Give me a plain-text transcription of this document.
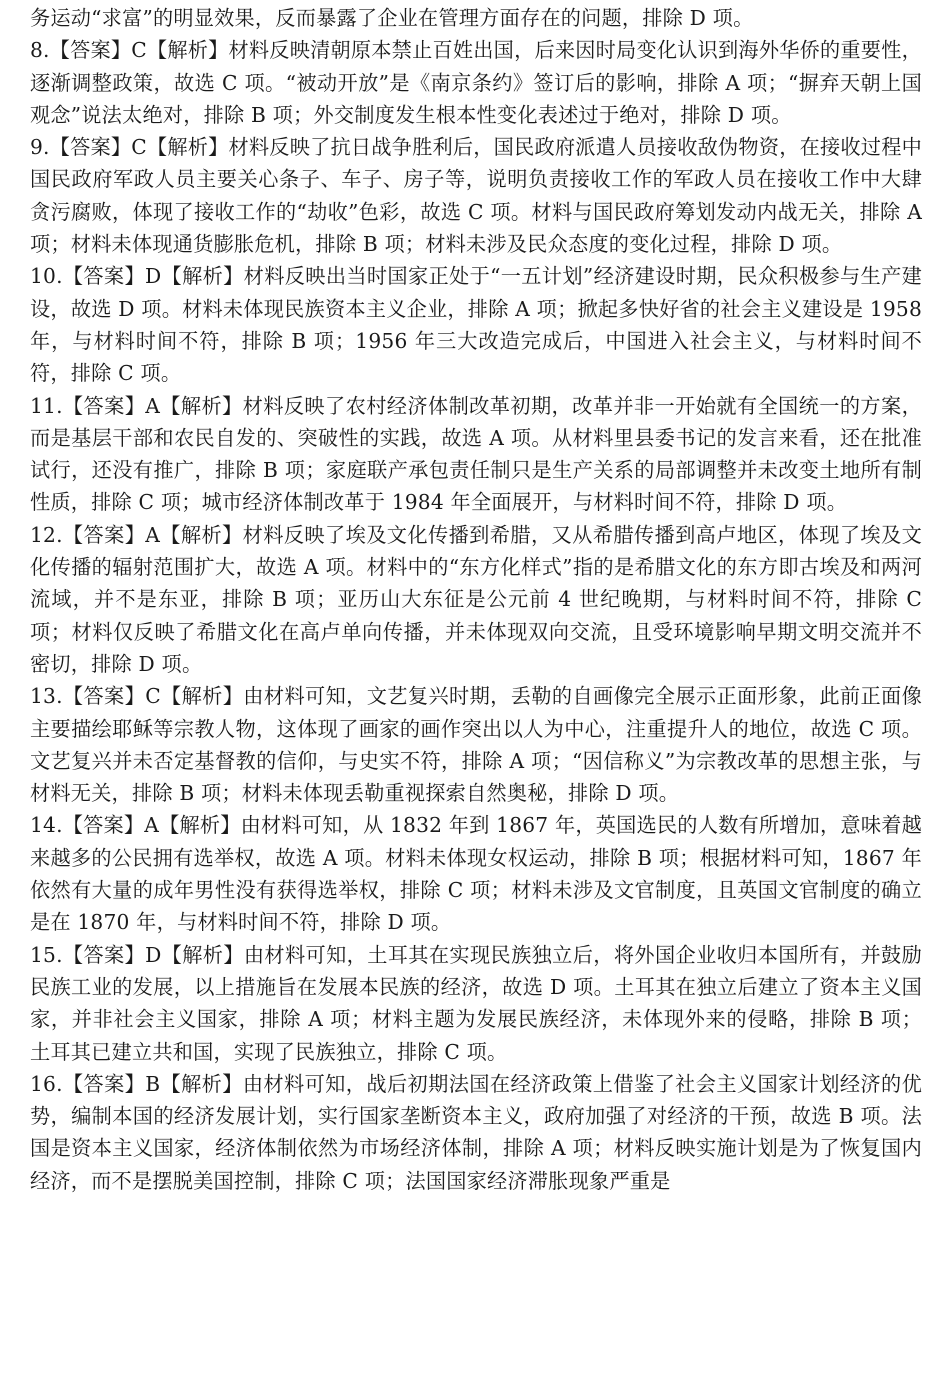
务运动“求富”的明显效果，反而暴露了企业在管理方面存在的问题，排除 D 项。

8.【答案】C【解析】材料反映清朝原本禁止百姓出国，后来因时局变化认识到海外华侨的重要性，逐渐调整政策，故选 C 项。“被动开放”是《南京条约》签订后的影响，排除 A 项；“摒弃天朝上国观念”说法太绝对，排除 B 项；外交制度发生根本性变化表述过于绝对，排除 D 项。

9.【答案】C【解析】材料反映了抗日战争胜利后，国民政府派遣人员接收敌伪物资，在接收过程中国民政府军政人员主要关心条子、车子、房子等，说明负责接收工作的军政人员在接收工作中大肆贪污腐败，体现了接收工作的“劫收”色彩，故选 C 项。材料与国民政府筹划发动内战无关，排除 A 项；材料未体现通货膨胀危机，排除 B 项；材料未涉及民众态度的变化过程，排除 D 项。

10.【答案】D【解析】材料反映出当时国家正处于“一五计划”经济建设时期，民众积极参与生产建设，故选 D 项。材料未体现民族资本主义企业，排除 A 项；掀起多快好省的社会主义建设是 1958 年，与材料时间不符，排除 B 项；1956 年三大改造完成后，中国进入社会主义，与材料时间不符，排除 C 项。

11.【答案】A【解析】材料反映了农村经济体制改革初期，改革并非一开始就有全国统一的方案，而是基层干部和农民自发的、突破性的实践，故选 A 项。从材料里县委书记的发言来看，还在批准试行，还没有推广，排除 B 项；家庭联产承包责任制只是生产关系的局部调整并未改变土地所有制性质，排除 C 项；城市经济体制改革于 1984 年全面展开，与材料时间不符，排除 D 项。

12.【答案】A【解析】材料反映了埃及文化传播到希腊，又从希腊传播到高卢地区，体现了埃及文化传播的辐射范围扩大，故选 A 项。材料中的“东方化样式”指的是希腊文化的东方即古埃及和两河流域，并不是东亚，排除 B 项；亚历山大东征是公元前 4 世纪晚期，与材料时间不符，排除 C 项；材料仅反映了希腊文化在高卢单向传播，并未体现双向交流，且受环境影响早期文明交流并不密切，排除 D 项。

13.【答案】C【解析】由材料可知，文艺复兴时期，丢勒的自画像完全展示正面形象，此前正面像主要描绘耶稣等宗教人物，这体现了画家的画作突出以人为中心，注重提升人的地位，故选 C 项。文艺复兴并未否定基督教的信仰，与史实不符，排除 A 项；“因信称义”为宗教改革的思想主张，与材料无关，排除 B 项；材料未体现丢勒重视探索自然奥秘，排除 D 项。

14.【答案】A【解析】由材料可知，从 1832 年到 1867 年，英国选民的人数有所增加，意味着越来越多的公民拥有选举权，故选 A 项。材料未体现女权运动，排除 B 项；根据材料可知，1867 年依然有大量的成年男性没有获得选举权，排除 C 项；材料未涉及文官制度，且英国文官制度的确立是在 1870 年，与材料时间不符，排除 D 项。

15.【答案】D【解析】由材料可知，土耳其在实现民族独立后，将外国企业收归本国所有，并鼓励民族工业的发展，以上措施旨在发展本民族的经济，故选 D 项。土耳其在独立后建立了资本主义国家，并非社会主义国家，排除 A 项；材料主题为发展民族经济，未体现外来的侵略，排除 B 项；土耳其已建立共和国，实现了民族独立，排除 C 项。

16.【答案】B【解析】由材料可知，战后初期法国在经济政策上借鉴了社会主义国家计划经济的优势，编制本国的经济发展计划，实行国家垄断资本主义，政府加强了对经济的干预，故选 B 项。法国是资本主义国家，经济体制依然为市场经济体制，排除 A 项；材料反映实施计划是为了恢复国内经济，而不是摆脱美国控制，排除 C 项；法国国家经济滞胀现象严重是
